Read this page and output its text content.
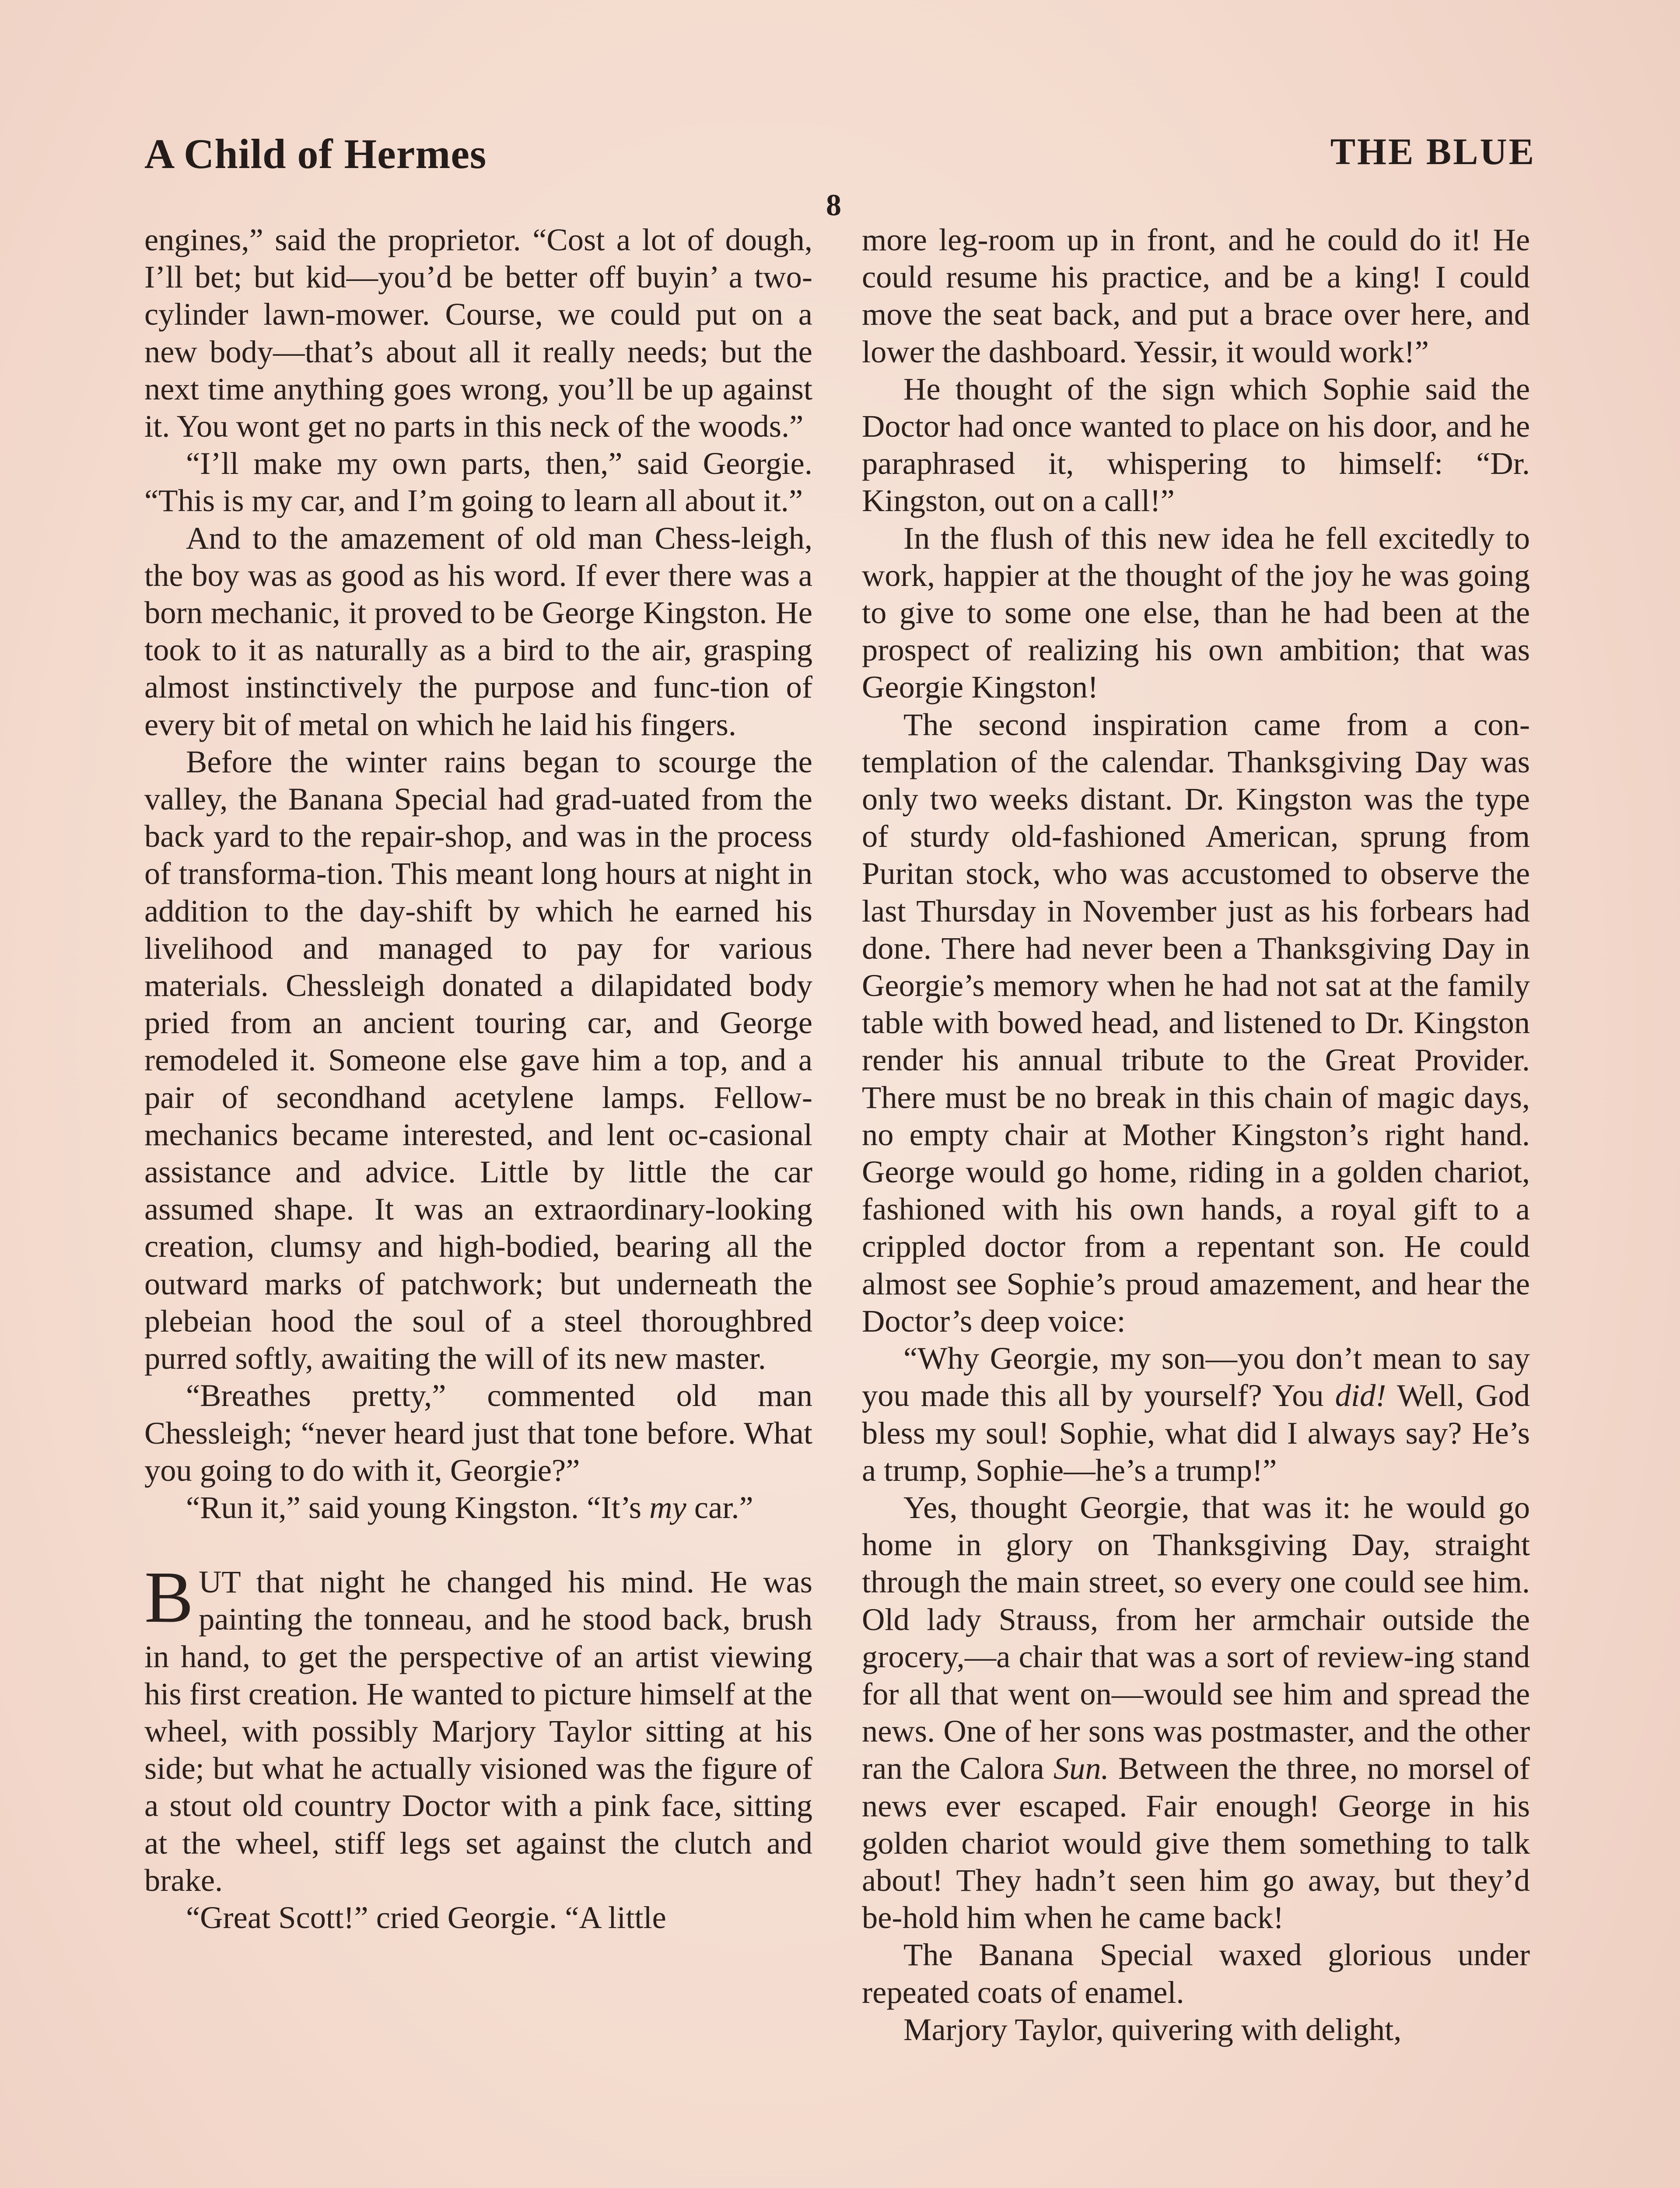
A Child of Hermes	THE BLUE
8

engines,” said the proprietor. “Cost a lot of dough, I’ll bet; but kid—you’d be better off buyin’ a two-cylinder lawn-mower. Course, we could put on a new body—that’s about all it really needs; but the next time anything goes wrong, you’ll be up against it. You wont get no parts in this neck of the woods.”

“I’ll make my own parts, then,” said Georgie. “This is my car, and I’m going to learn all about it.”

And to the amazement of old man Chess-leigh, the boy was as good as his word. If ever there was a born mechanic, it proved to be George Kingston. He took to it as naturally as a bird to the air, grasping almost instinctively the purpose and func-tion of every bit of metal on which he laid his fingers.

Before the winter rains began to scourge the valley, the Banana Special had grad-uated from the back yard to the repair-shop, and was in the process of transforma-tion. This meant long hours at night in addition to the day-shift by which he earned his livelihood and managed to pay for various materials. Chessleigh donated a dilapidated body pried from an ancient touring car, and George remodeled it. Someone else gave him a top, and a pair of secondhand acetylene lamps. Fellow-mechanics became interested, and lent oc-casional assistance and advice. Little by little the car assumed shape. It was an extraordinary-looking creation, clumsy and high-bodied, bearing all the outward marks of patchwork; but underneath the plebeian hood the soul of a steel thoroughbred purred softly, awaiting the will of its new master.

“Breathes pretty,” commented old man Chessleigh; “never heard just that tone before. What you going to do with it, Georgie?”

“Run it,” said young Kingston. “It’s my car.”

BUT that night he changed his mind. He was painting the tonneau, and he stood back, brush in hand, to get the perspective of an artist viewing his first creation. He wanted to picture himself at the wheel, with possibly Marjory Taylor sitting at his side; but what he actually visioned was the figure of a stout old country Doctor with a pink face, sitting at the wheel, stiff legs set against the clutch and brake.

“Great Scott!” cried Georgie. “A little

more leg-room up in front, and he could do it! He could resume his practice, and be a king! I could move the seat back, and put a brace over here, and lower the dashboard. Yessir, it would work!”

He thought of the sign which Sophie said the Doctor had once wanted to place on his door, and he paraphrased it, whispering to himself: “Dr. Kingston, out on a call!”

In the flush of this new idea he fell excitedly to work, happier at the thought of the joy he was going to give to some one else, than he had been at the prospect of realizing his own ambition; that was Georgie Kingston!

The second inspiration came from a con-templation of the calendar. Thanksgiving Day was only two weeks distant. Dr. Kingston was the type of sturdy old-fashioned American, sprung from Puritan stock, who was accustomed to observe the last Thursday in November just as his forbears had done. There had never been a Thanksgiving Day in Georgie’s memory when he had not sat at the family table with bowed head, and listened to Dr. Kingston render his annual tribute to the Great Provider. There must be no break in this chain of magic days, no empty chair at Mother Kingston’s right hand. George would go home, riding in a golden chariot, fashioned with his own hands, a royal gift to a crippled doctor from a repentant son. He could almost see Sophie’s proud amazement, and hear the Doctor’s deep voice:

“Why Georgie, my son—you don’t mean to say you made this all by yourself? You did! Well, God bless my soul! Sophie, what did I always say? He’s a trump, Sophie—he’s a trump!”

Yes, thought Georgie, that was it: he would go home in glory on Thanksgiving Day, straight through the main street, so every one could see him. Old lady Strauss, from her armchair outside the grocery,—a chair that was a sort of review-ing stand for all that went on—would see him and spread the news. One of her sons was postmaster, and the other ran the Calora Sun. Between the three, no morsel of news ever escaped. Fair enough! George in his golden chariot would give them something to talk about! They hadn’t seen him go away, but they’d be-hold him when he came back!

The Banana Special waxed glorious under repeated coats of enamel.

Marjory Taylor, quivering with delight,
